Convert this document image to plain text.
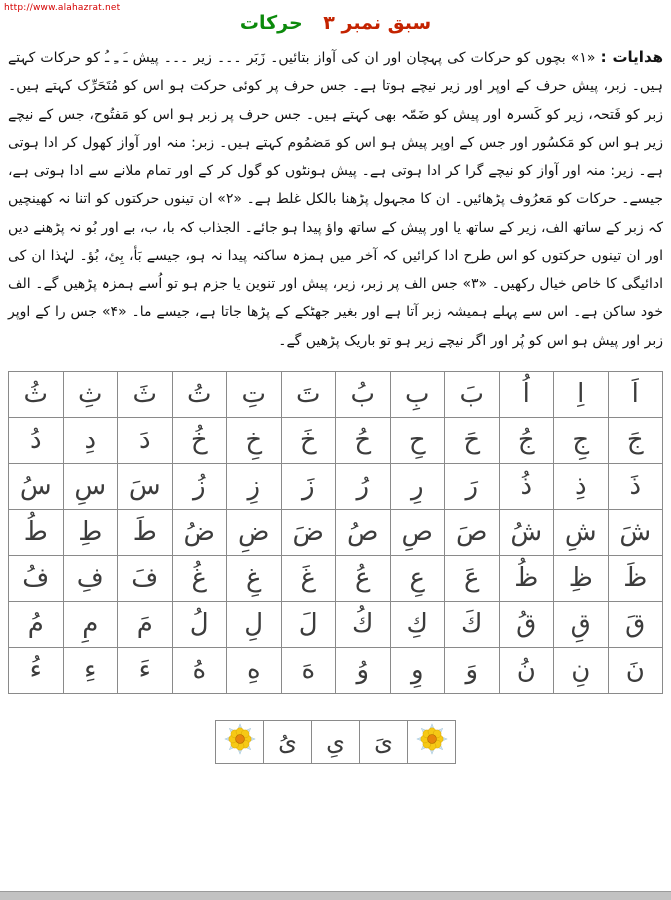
http://www.alahazrat.net
سبق نمبر ۳ حرکات
هدایات : «۱» بچوں کو حرکات کی پہچان اور ان کی آواز بتائیں۔ زَبَر ۔۔۔ زیر ۔۔۔ پیش ـَ ـِ ـُ کو حرکات کہتے ہیں۔ زبر، پیش حرف کے اوپر اور زیر نیچے ہوتا ہے۔ جس حرف پر کوئی حرکت ہو اس کو مُتَحَرِّک کہتے ہیں۔ زبر کو فَتحہ، زیر کو کَسرہ اور پیش کو ضَمّہ بھی کہتے ہیں۔ جس حرف پر زبر ہو اس کو مَفتُوح، جس کے نیچے زیر ہو اس کو مَکسُور اور جس کے اوپر پیش ہو اس کو مَضمُوم کہتے ہیں۔ زبر: منہ اور آواز کھول کر ادا ہوتی ہے۔ زیر: منہ اور آواز کو نیچے گرا کر ادا ہوتی ہے۔ پیش ہونٹوں کو گول کر کے اور تمام ملانے سے ادا ہوتی ہے، جیسے۔ حرکات کو مَعرُوف پڑھائیں۔ ان کا مجہول پڑھنا بالکل غلط ہے۔ «۲» ان تینوں حرکتوں کو اتنا نہ کھینچیں کہ زبر کے ساتھ الف، زیر کے ساتھ یا اور پیش کے ساتھ واؤ پیدا ہو جائے۔ الجذاب کہ با، ب، بے اور بُو نہ پڑھنے دیں اور ان تینوں حرکتوں کو اس طرح ادا کرائیں کہ آخر میں ہمزہ ساکنہ پیدا نہ ہو، جیسے بَأ، بِئ، بُؤ۔ لہٰذا ان کی ادائیگی کا خاص خیال رکھیں۔ «۳» جس الف پر زبر، زیر، پیش اور تنوین یا جزم ہو تو اُسے ہمزہ پڑھیں گے۔ الف خود ساکن ہے۔ اس سے پہلے ہمیشہ زبر آتا ہے اور بغیر جھٹکے کے پڑھا جاتا ہے، جیسے ما۔ «۴» جس را کے اوپر زبر اور پیش ہو اس کو پُر اور اگر نیچے زیر ہو تو باریک پڑھیں گے۔
اَ	اِ	اُ	بَ	بِ	بُ	تَ	تِ	تُ	ثَ	ثِ	ثُ
جَ	جِ	جُ	حَ	حِ	حُ	خَ	خِ	خُ	دَ	دِ	دُ
ذَ	ذِ	ذُ	رَ	رِ	رُ	زَ	زِ	زُ	سَ	سِ	سُ
شَ	شِ	شُ	صَ	صِ	صُ	ضَ	ضِ	ضُ	طَ	طِ	طُ
ظَ	ظِ	ظُ	عَ	عِ	عُ	غَ	غِ	غُ	فَ	فِ	فُ
قَ	قِ	قُ	كَ	كِ	كُ	لَ	لِ	لُ	مَ	مِ	مُ
نَ	نِ	نُ	وَ	وِ	وُ	هَ	هِ	هُ	ءَ	ءِ	ءُ
	یَ	یِ	یُ	
